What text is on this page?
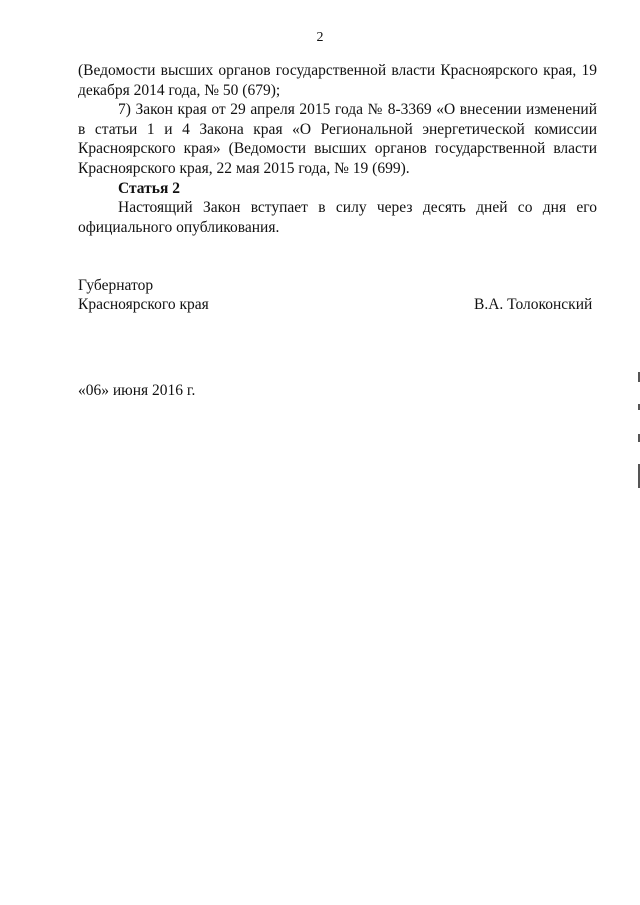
2

(Ведомости высших органов государственной власти Красноярского края, 19 декабря 2014 года, № 50 (679);

7) Закон края от 29 апреля 2015 года № 8-3369 «О внесении изменений в статьи 1 и 4 Закона края «О Региональной энергетической комиссии Красноярского края» (Ведомости высших органов государственной власти Красноярского края, 22 мая 2015 года, № 19 (699).

Статья 2

Настоящий Закон вступает в силу через десять дней со дня его официального опубликования.

Губернатор
Красноярского края	В.А. Толоконский
«06» июня 2016 г.
